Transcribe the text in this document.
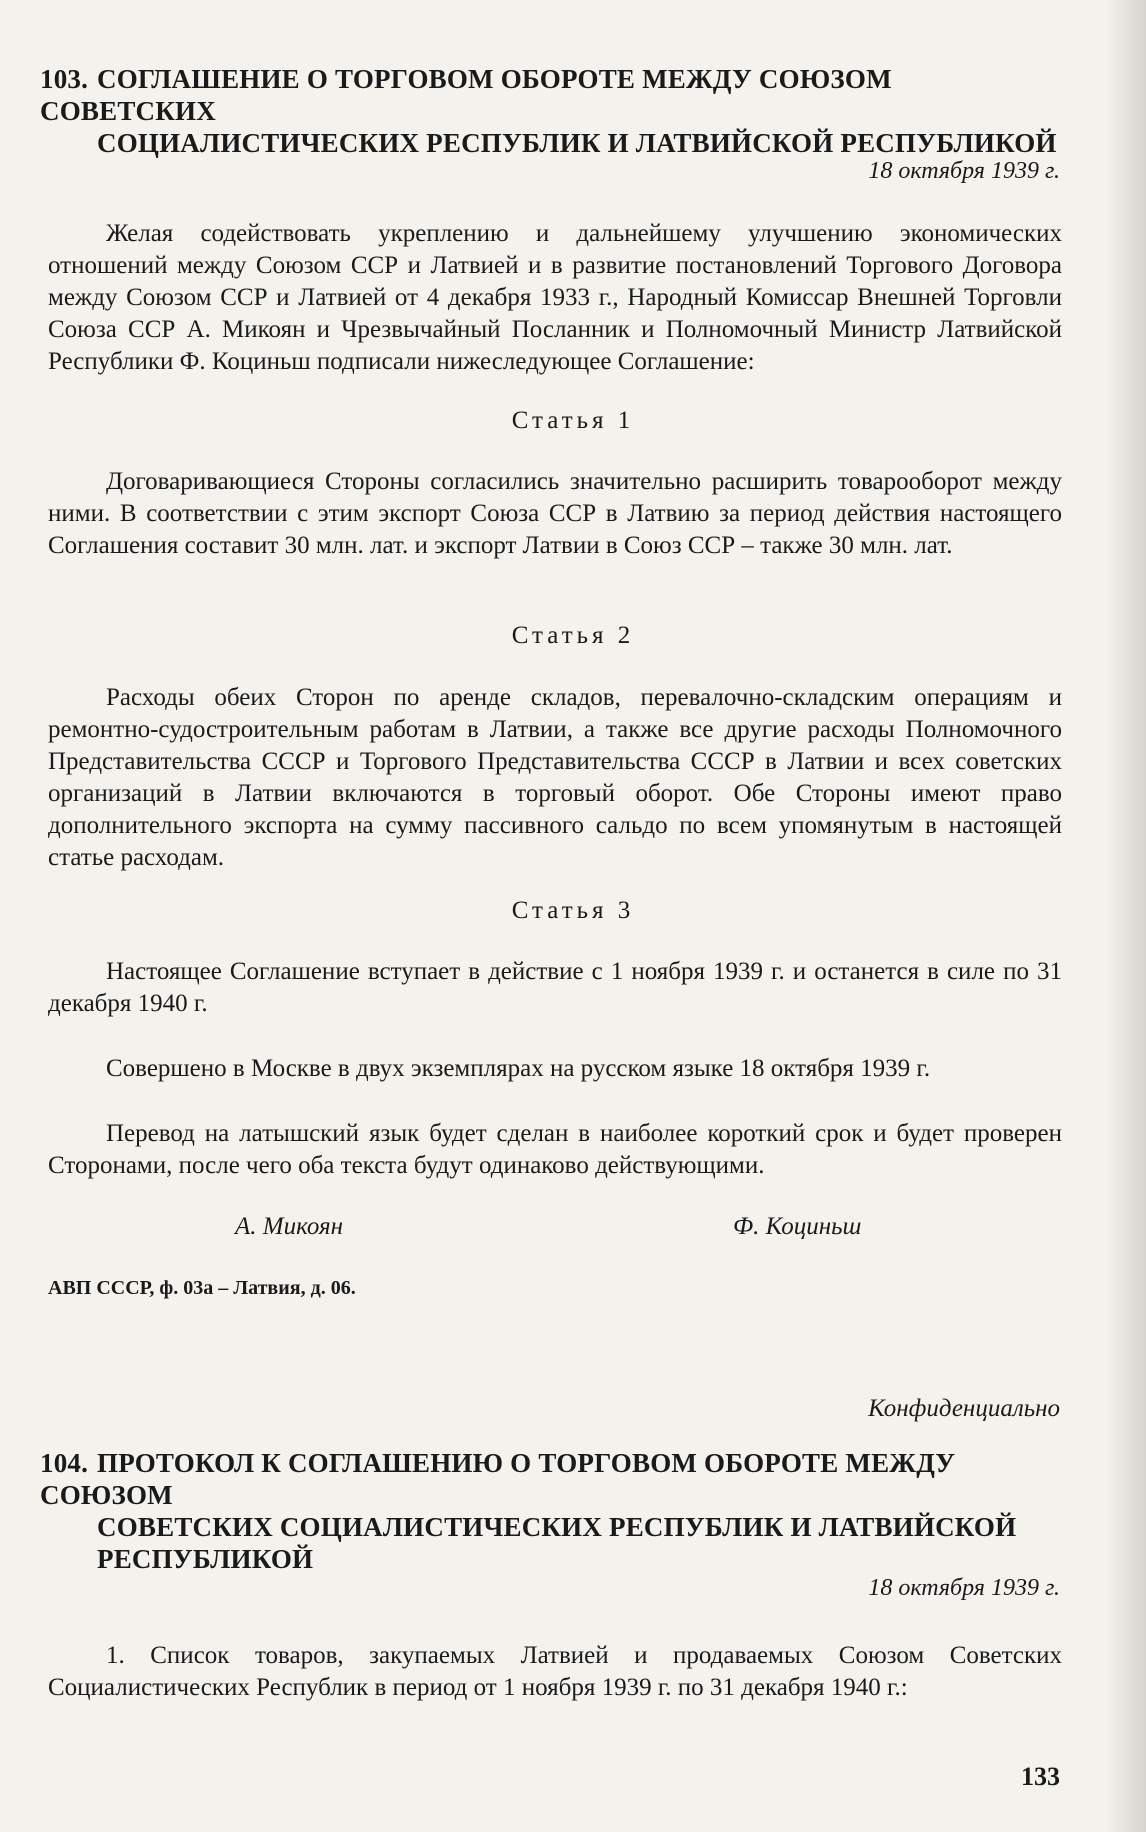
103. СОГЛАШЕНИЕ О ТОРГОВОМ ОБОРОТЕ МЕЖДУ СОЮЗОМ СОВЕТСКИХ
СОЦИАЛИСТИЧЕСКИХ РЕСПУБЛИК И ЛАТВИЙСКОЙ РЕСПУБЛИКОЙ
18 октября 1939 г.
Желая содействовать укреплению и дальнейшему улучшению экономических отношений между Союзом ССР и Латвией и в развитие постановлений Торгового Договора между Союзом ССР и Латвией от 4 декабря 1933 г., Народный Комиссар Внешней Торговли Союза ССР А. Микоян и Чрезвычайный Посланник и Полномочный Министр Латвийской Республики Ф. Коциньш подписали нижеследующее Соглашение:
Статья 1
Договаривающиеся Стороны согласились значительно расширить товарооборот между ними. В соответствии с этим экспорт Союза ССР в Латвию за период действия настоящего Соглашения составит 30 млн. лат. и экспорт Латвии в Союз ССР – также 30 млн. лат.
Статья 2
Расходы обеих Сторон по аренде складов, перевалочно-складским операциям и ремонтно-судостроительным работам в Латвии, а также все другие расходы Полномочного Представительства СССР и Торгового Представительства СССР в Латвии и всех советских организаций в Латвии включаются в торговый оборот. Обе Стороны имеют право дополнительного экспорта на сумму пассивного сальдо по всем упомянутым в настоящей статье расходам.
Статья 3
Настоящее Соглашение вступает в действие с 1 ноября 1939 г. и останется в силе по 31 декабря 1940 г.
Совершено в Москве в двух экземплярах на русском языке 18 октября 1939 г.
Перевод на латышский язык будет сделан в наиболее короткий срок и будет проверен Сторонами, после чего оба текста будут одинаково действующими.
А. Микоян	Ф. Коциньш
АВП СССР, ф. 03а – Латвия, д. 06.
Конфиденциально
104. ПРОТОКОЛ К СОГЛАШЕНИЮ О ТОРГОВОМ ОБОРОТЕ МЕЖДУ СОЮЗОМ
СОВЕТСКИХ СОЦИАЛИСТИЧЕСКИХ РЕСПУБЛИК И ЛАТВИЙСКОЙ
РЕСПУБЛИКОЙ
18 октября 1939 г.
1. Список товаров, закупаемых Латвией и продаваемых Союзом Советских Социалистических Республик в период от 1 ноября 1939 г. по 31 декабря 1940 г.:
133
